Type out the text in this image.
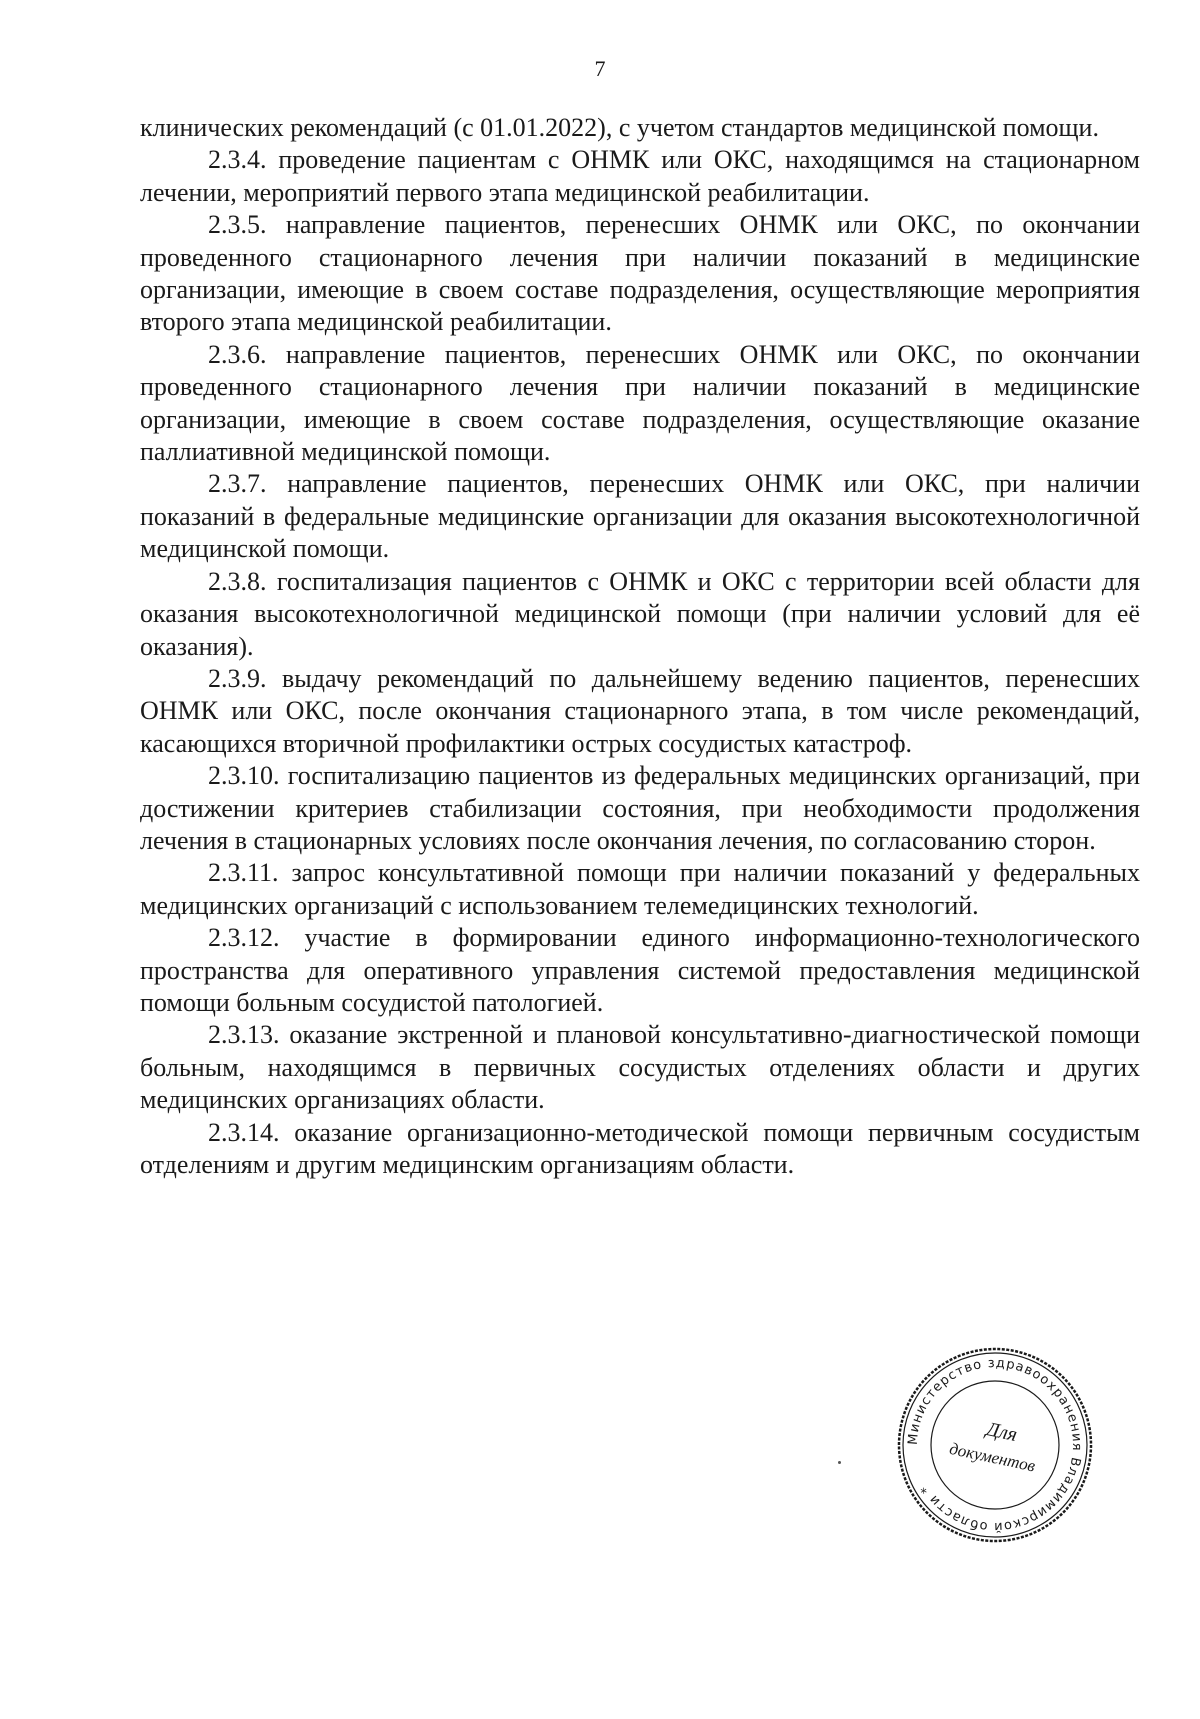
7

клинических рекомендаций (с 01.01.2022), с учетом стандартов медицинской помощи.

2.3.4. проведение пациентам с ОНМК или ОКС, находящимся на стационарном лечении, мероприятий первого этапа медицинской реабилитации.

2.3.5. направление пациентов, перенесших ОНМК или ОКС, по окончании проведенного стационарного лечения при наличии показаний в медицинские организации, имеющие в своем составе подразделения, осуществляющие мероприятия второго этапа медицинской реабилитации.

2.3.6. направление пациентов, перенесших ОНМК или ОКС, по окончании проведенного стационарного лечения при наличии показаний в медицинские организации, имеющие в своем составе подразделения, осуществляющие оказание паллиативной медицинской помощи.

2.3.7. направление пациентов, перенесших ОНМК или ОКС, при наличии показаний в федеральные медицинские организации для оказания высокотехнологичной медицинской помощи.

2.3.8. госпитализация пациентов с ОНМК и ОКС с территории всей области для оказания высокотехнологичной медицинской помощи (при наличии условий для её оказания).

2.3.9. выдачу рекомендаций по дальнейшему ведению пациентов, перенесших ОНМК или ОКС, после окончания стационарного этапа, в том числе рекомендаций, касающихся вторичной профилактики острых сосудистых катастроф.

2.3.10. госпитализацию пациентов из федеральных медицинских организаций, при достижении критериев стабилизации состояния, при необходимости продолжения лечения в стационарных условиях после окончания лечения, по согласованию сторон.

2.3.11. запрос консультативной помощи при наличии показаний у федеральных медицинских организаций с использованием телемедицинских технологий.

2.3.12. участие в формировании единого информационно-технологического пространства для оперативного управления системой предоставления медицинской помощи больным сосудистой патологией.

2.3.13. оказание экстренной и плановой консультативно-диагностической помощи больным, находящимся в первичных сосудистых отделениях области и других медицинских организациях области.

2.3.14. оказание организационно-методической помощи первичным сосудистым отделениям и другим медицинским организациям области.

Министерство здравоохранения Владимирской области *
Для
документов
